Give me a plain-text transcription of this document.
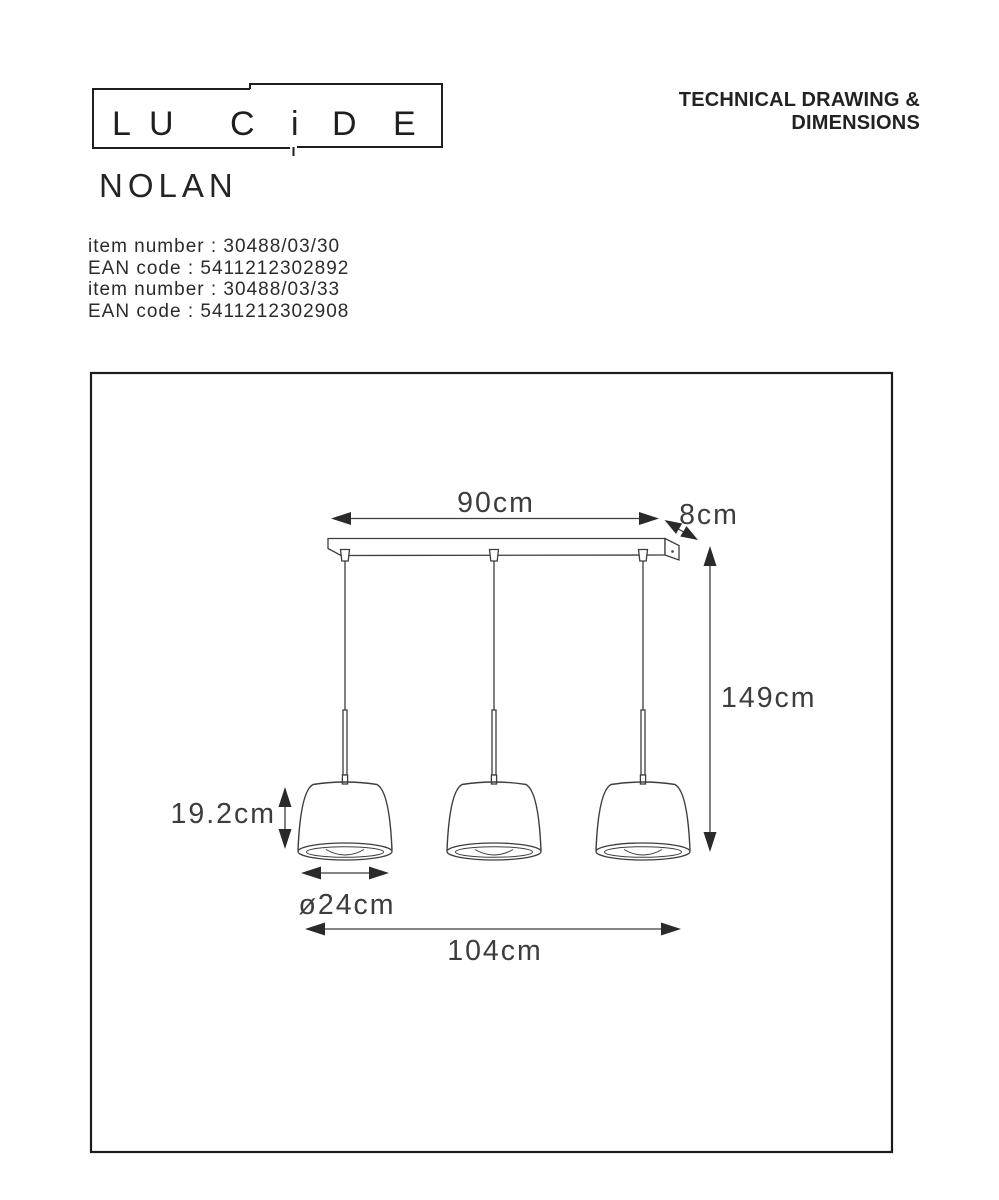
L U C i D E
TECHNICAL DRAWING & DIMENSIONS
NOLAN
item number : 30488/03/30
EAN code : 5411212302892
item number : 30488/03/33
EAN code : 5411212302908
90cm	8cm
149cm
19.2cm
ø24cm
104cm
